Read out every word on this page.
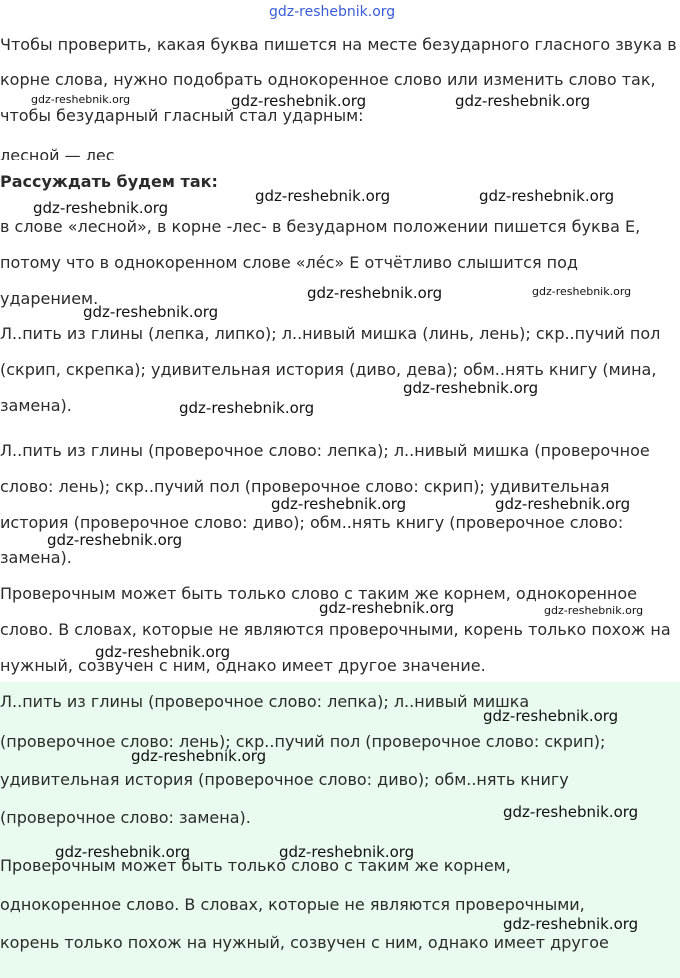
gdz-reshebnik.org
Чтобы проверить, какая буква пишется на месте безударного гласного звука в
корне слова, нужно подобрать однокоренное слово или изменить слово так,
чтобы безударный гласный стал ударным:
лесной — лес
Рассуждать будем так:
в слове «лесной», в корне -лес- в безударном положении пишется буква Е,
потому что в однокоренном слове «ле́с» Е отчётливо слышится под
ударением.
Л..пить из глины (лепка, липко); л..нивый мишка (линь, лень); скр..пучий пол
(скрип, скрепка); удивительная история (диво, дева); обм..нять книгу (мина,
замена).
Л..пить из глины (проверочное слово: лепка); л..нивый мишка (проверочное
слово: лень); скр..пучий пол (проверочное слово: скрип); удивительная
история (проверочное слово: диво); обм..нять книгу (проверочное слово:
замена).
Проверочным может быть только слово с таким же корнем, однокоренное
слово. В словах, которые не являются проверочными, корень только похож на
нужный, созвучен с ним, однако имеет другое значение.
Л..пить из глины (проверочное слово: лепка); л..нивый мишка
(проверочное слово: лень); скр..пучий пол (проверочное слово: скрип);
удивительная история (проверочное слово: диво); обм..нять книгу
(проверочное слово: замена).
Проверочным может быть только слово с таким же корнем,
однокоренное слово. В словах, которые не являются проверочными,
корень только похож на нужный, созвучен с ним, однако имеет другое
gdz-reshebnik.org	gdz-reshebnik.org	gdz-reshebnik.org
gdz-reshebnik.org	gdz-reshebnik.org
gdz-reshebnik.org
gdz-reshebnik.org	gdz-reshebnik.org
gdz-reshebnik.org
gdz-reshebnik.org
gdz-reshebnik.org
gdz-reshebnik.org	gdz-reshebnik.org
gdz-reshebnik.org
gdz-reshebnik.org	gdz-reshebnik.org
gdz-reshebnik.org
gdz-reshebnik.org
gdz-reshebnik.org
gdz-reshebnik.org
gdz-reshebnik.org	gdz-reshebnik.org
gdz-reshebnik.org
